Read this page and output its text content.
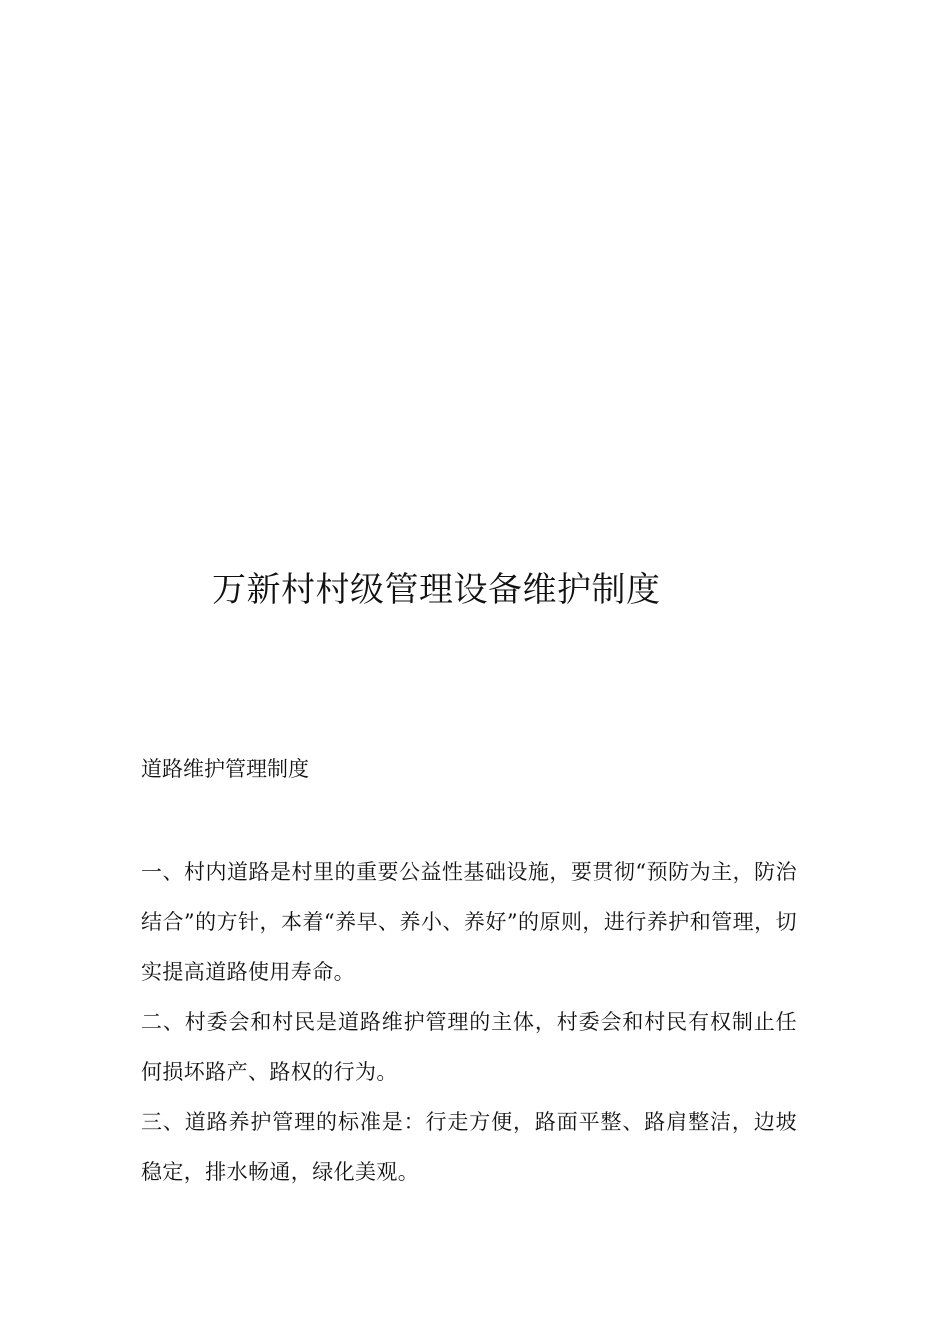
万新村村级管理设备维护制度
道路维护管理制度
一、村内道路是村里的重要公益性基础设施，要贯彻“预防为主，防治结合”的方针，本着“养早、养小、养好”的原则，进行养护和管理，切实提高道路使用寿命。
二、村委会和村民是道路维护管理的主体，村委会和村民有权制止任何损坏路产、路权的行为。
三、道路养护管理的标准是：行走方便，路面平整、路肩整洁，边坡稳定，排水畅通，绿化美观。
